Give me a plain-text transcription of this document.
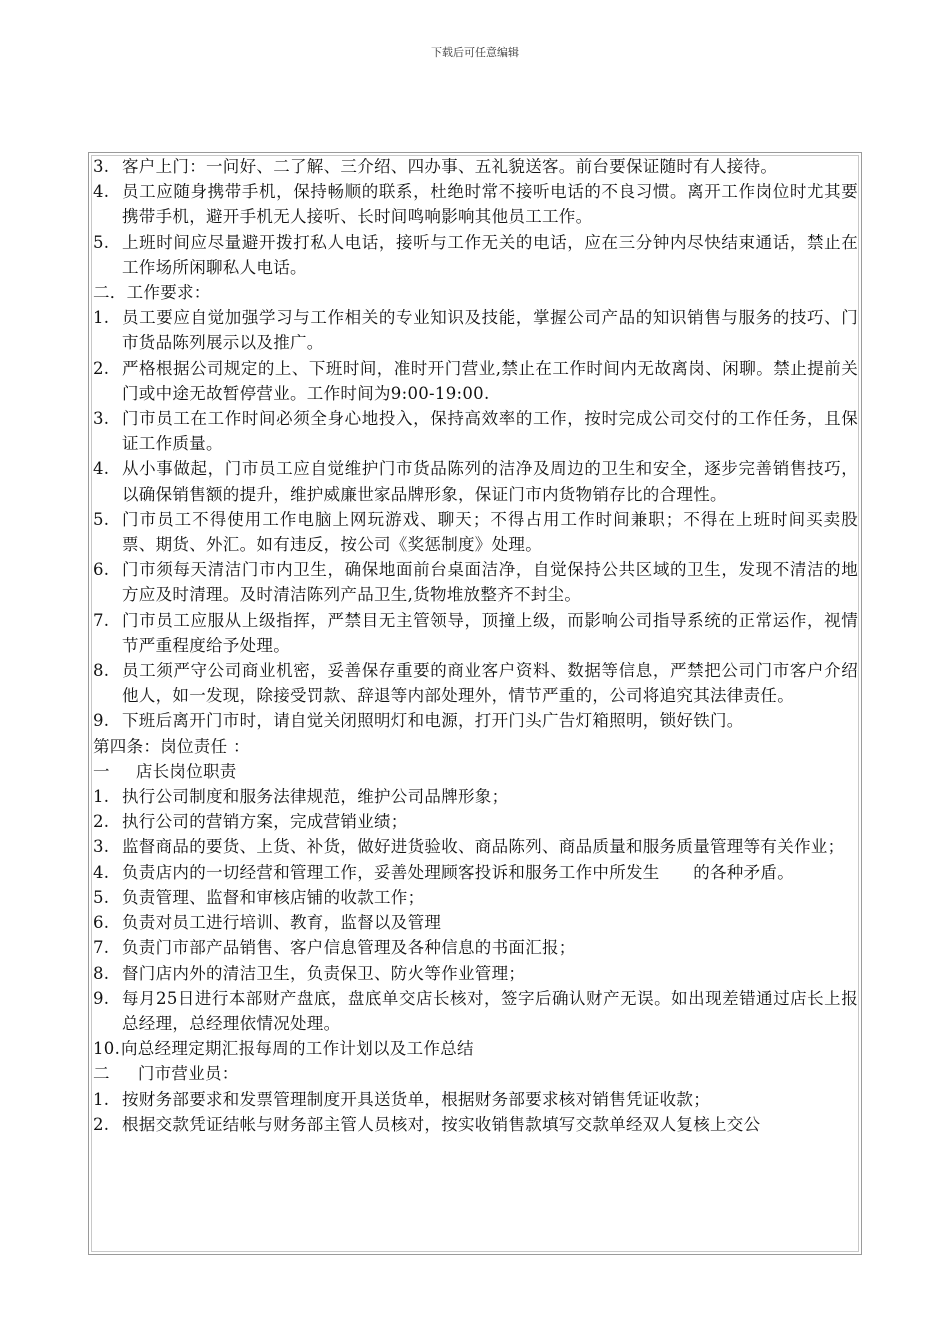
下载后可任意编辑
3. 客户上门：一问好、二了解、三介绍、四办事、五礼貌送客。前台要保证随时有人接待。
4. 员工应随身携带手机，保持畅顺的联系，杜绝时常不接听电话的不良习惯。离开工作岗位时尤其要携带手机，避开手机无人接听、长时间鸣响影响其他员工工作。
5. 上班时间应尽量避开拨打私人电话，接听与工作无关的电话，应在三分钟内尽快结束通话，禁止在工作场所闲聊私人电话。
二．工作要求：
1. 员工要应自觉加强学习与工作相关的专业知识及技能，掌握公司产品的知识销售与服务的技巧、门市货品陈列展示以及推广。
2. 严格根据公司规定的上、下班时间，准时开门营业,禁止在工作时间内无故离岗、闲聊。禁止提前关门或中途无故暂停营业。工作时间为9:00-19:00.
3. 门市员工在工作时间必须全身心地投入，保持高效率的工作，按时完成公司交付的工作任务，且保证工作质量。
4. 从小事做起，门市员工应自觉维护门市货品陈列的洁净及周边的卫生和安全，逐步完善销售技巧，以确保销售额的提升，维护威廉世家品牌形象，保证门市内货物销存比的合理性。
5. 门市员工不得使用工作电脑上网玩游戏、聊天；不得占用工作时间兼职；不得在上班时间买卖股票、期货、外汇。如有违反，按公司《奖惩制度》处理。
6. 门市须每天清洁门市内卫生，确保地面前台桌面洁净，自觉保持公共区域的卫生，发现不清洁的地方应及时清理。及时清洁陈列产品卫生,货物堆放整齐不封尘。
7. 门市员工应服从上级指挥，严禁目无主管领导，顶撞上级，而影响公司指导系统的正常运作，视情节严重程度给予处理。
8. 员工须严守公司商业机密，妥善保存重要的商业客户资料、数据等信息，严禁把公司门市客户介绍他人，如一发现，除接受罚款、辞退等内部处理外，情节严重的，公司将追究其法律责任。
9. 下班后离开门市时，请自觉关闭照明灯和电源，打开门头广告灯箱照明，锁好铁门。
第四条：岗位责任 ：
一 店长岗位职责
1. 执行公司制度和服务法律规范，维护公司品牌形象；
2. 执行公司的营销方案，完成营销业绩；
3. 监督商品的要货、上货、补货，做好进货验收、商品陈列、商品质量和服务质量管理等有关作业；
4. 负责店内的一切经营和管理工作，妥善处理顾客投诉和服务工作中所发生　　的各种矛盾。
5. 负责管理、监督和审核店铺的收款工作；
6. 负责对员工进行培训、教育，监督以及管理
7. 负责门市部产品销售、客户信息管理及各种信息的书面汇报；
8. 督门店内外的清洁卫生，负责保卫、防火等作业管理；
9. 每月25日进行本部财产盘底，盘底单交店长核对，签字后确认财产无误。如出现差错通过店长上报总经理，总经理依情况处理。
10. 向总经理定期汇报每周的工作计划以及工作总结
二 门市营业员：
1. 按财务部要求和发票管理制度开具送货单，根据财务部要求核对销售凭证收款；
2. 根据交款凭证结帐与财务部主管人员核对，按实收销售款填写交款单经双人复核上交公
